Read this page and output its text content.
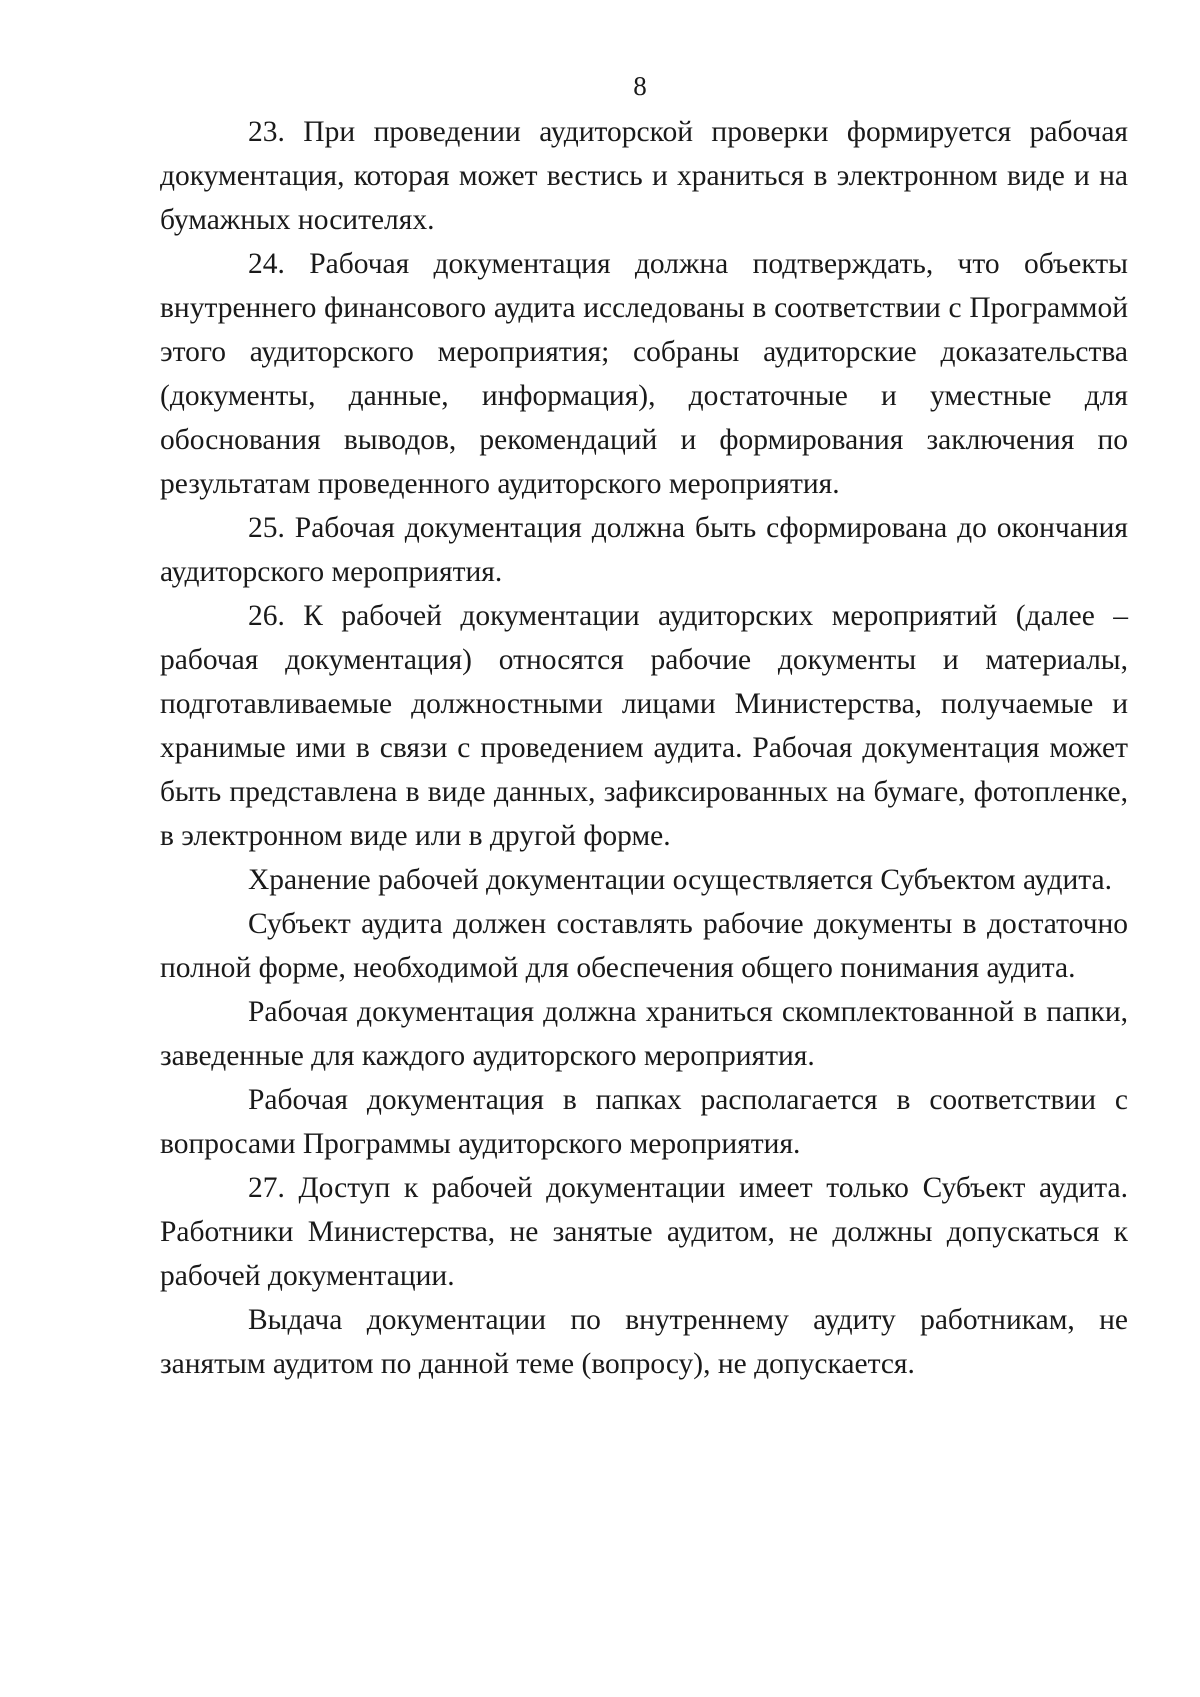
8

23. При проведении аудиторской проверки формируется рабочая документация, которая может вестись и храниться в электронном виде и на бумажных носителях.

24. Рабочая документация должна подтверждать, что объекты внутреннего финансового аудита исследованы в соответствии с Программой этого аудиторского мероприятия; собраны аудиторские доказательства (документы, данные, информация), достаточные и уместные для обоснования выводов, рекомендаций и формирования заключения по результатам проведенного аудиторского мероприятия.

25. Рабочая документация должна быть сформирована до окончания аудиторского мероприятия.

26. К рабочей документации аудиторских мероприятий (далее – рабочая документация) относятся рабочие документы и материалы, подготавливаемые должностными лицами Министерства, получаемые и хранимые ими в связи с проведением аудита. Рабочая документация может быть представлена в виде данных, зафиксированных на бумаге, фотопленке, в электронном виде или в другой форме.

Хранение рабочей документации осуществляется Субъектом аудита.

Субъект аудита должен составлять рабочие документы в достаточно полной форме, необходимой для обеспечения общего понимания аудита.

Рабочая документация должна храниться скомплектованной в папки, заведенные для каждого аудиторского мероприятия.

Рабочая документация в папках располагается в соответствии с вопросами Программы аудиторского мероприятия.

27. Доступ к рабочей документации имеет только Субъект аудита. Работники Министерства, не занятые аудитом, не должны допускаться к рабочей документации.

Выдача документации по внутреннему аудиту работникам, не занятым аудитом по данной теме (вопросу), не допускается.
